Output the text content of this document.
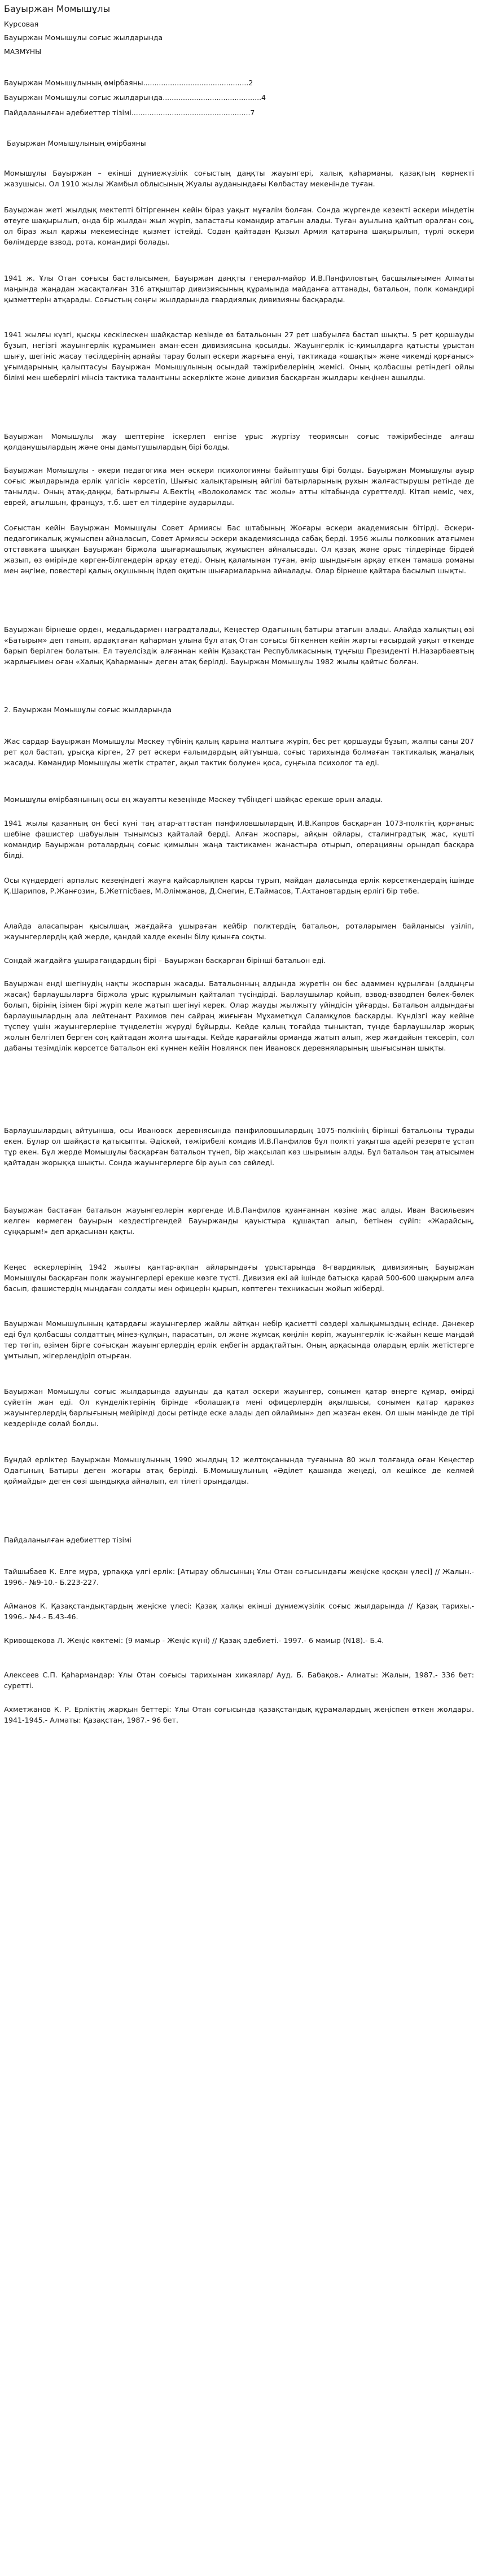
Бауыржан Момышұлы
Курсовая
Бауыржан Момышұлы соғыс жылдарында
МАЗМҰНЫ
Бауыржан Момышұлының өмірбаяны...............................................2
Бауыржан Момышұлы соғыс жылдарында............................................4
Пайдаланылған әдебиеттер тізімі.....................................................7
Бауыржан Момышұлының өмірбаяны
Момышұлы Бауыржан – екінші дүниежүзілік соғыстың даңқты жауынгері, халық қаһарманы, қазақтың көрнекті жазушысы. Ол 1910 жылы Жамбыл облысының Жуалы ауданындағы Көлбастау мекенінде туған.
Бауыржан жеті жылдық мектепті бітіргеннен кейін біраз уақыт мұғалім болған. Сонда жүргенде кезекті әскери міндетін өтеуге шақырылып, онда бір жылдан жыл жүріп, запастағы командир атағын алады. Туған ауылына қайтып оралған соң, ол біраз жыл қаржы мекемесінде қызмет істейді. Содан қайтадан Қызыл Армия қатарына шақырылып, түрлі әскери бөлімдерде взвод, рота, командирі болады.
1941 ж. Ұлы Отан соғысы басталысымен, Бауыржан даңқты генерал-майор И.В.Панфиловтың басшылығымен Алматы маңында жаңадан жасақталған 316 атқыштар дивизиясының құрамында майданға аттанады, батальон, полк командирі қызметтерін атқарады. Соғыстың соңғы жылдарында гвардиялық дивизияны басқарады.
1941 жылғы күзгі, қысқы кескілескен шайқастар кезінде өз батальонын 27 рет шабуылға бастап шықты. 5 рет қоршауды бұзып, негізгі жауынгерлік құрамымен аман-есен дивизиясына қосылды. Жауынгерлік іс-қимылдарға қатысты ұрыстан шығу, шегініс жасау тәсілдерінің арнайы тарау болып әскери жарғыға енуі, тактикада «ошақты» және «икемді қорғаныс» ұғымдарының қалыптасуы Бауыржан Момышұлының осындай тәжірибелерінің жемісі. Оның қолбасшы ретіндегі ойлы білімі мен шеберлігі мінсіз тактика талантыны әскерлікте және дивизия басқарған жылдары кеңінен ашылды.
Бауыржан Момышұлы жау шептеріне іскерлеп енгізе ұрыс жүргізу теориясын соғыс тәжірибесінде алғаш қолданушылардың және оны дамытушылардың бірі болды.
Бауыржан Момышұлы - әкери педагогика мен әскери психологияны байыптушы бірі болды. Бауыржан Момышұлы ауыр соғыс жылдарында ерлік үлгісін көрсетіп, Шығыс халықтарының әйгілі батырларының рухын жалғастырушы ретінде де танылды. Оның атақ-даңқы, батырлығы А.Бектің «Волоколамск тас жолы» атты кітабында суреттелді. Кітап неміс, чех, еврей, ағылшын, француз, т.б. шет ел тілдеріне аударылды.
Соғыстан кейін Бауыржан Момышұлы Совет Армиясы Бас штабының Жоғары әскери академиясын бітірді. Әскери-педагогикалық жұмыспен айналасып, Совет Армиясы әскери академиясында сабақ берді. 1956 жылы полковник атағымен отставкаға шыққан Бауыржан біржола шығармашылық жұмыспен айналысады. Ол қазақ және орыс тілдерінде бірдей жазып, өз өмірінде көрген-білгендерін арқау етеді. Оның қаламынан туған, әмір шындығын арқау еткен тамаша романы мен әңгіме, повестері қалың оқушының іздеп оқитын шығармаларына айналады. Олар бірнеше қайтара басылып шықты.
Бауыржан бірнеше орден, медальдармен наградталады, Кеңестер Одағының батыры атағын алады. Алайда халықтың өзі «Батырым» деп танып, ардақтаған қаһарман ұлына бұл атақ Отан соғысы біткеннен кейін жарты ғасырдай уақыт өткенде барып берілген болатын. Ел тәуелсіздік алғаннан кейін Қазақстан Республикасының тұңғыш Президенті Н.Назарбаевтың жарлығымен оған «Халық Қаһарманы» деген атақ берілді. Бауыржан Момышұлы 1982 жылы қайтыс болған.
2. Бауыржан Момышұлы соғыс жылдарында
Жас сардар Бауыржан Момышұлы Мәскеу түбінің қалың қарына малтыға жүріп, бес рет қоршауды бұзып, жалпы саны 207 рет қол бастап, ұрысқа кірген, 27 рет әскери ғалымдардың айтуынша, соғыс тарихында болмаған тактикалық жаңалық жасады. Көмандир Момышұлы жетік стратег, ақыл тактик болумен қоса, суңғыла психолог та еді.
Момышұлы өмірбаянының осы ең жауапты кезеңінде Мәскеу түбіндегі шайқас ерекше орын алады.
1941 жылы қазанның он бесі күні таң атар-аттастан панфиловшылардың И.В.Капров басқарған 1073-полктің қорғаныс шебіне фашистер шабуылын тынымсыз қайталай берді. Алған жоспары, айқын ойлары, сталинградтық жас, күшті командир Бауыржан роталардың соғыс қимылын жаңа тактикамен жанастыра отырып, операцияны орындап басқара білді.
Осы күндердегі арпалыс кезеңіндегі жауға қайсарлықпен қарсы тұрып, майдан даласында ерлік көрсеткендердің ішінде Қ.Шарипов, Р.Жанғозин, Б.Жетпісбаев, М.Әлімжанов, Д.Снегин, Е.Таймасов, Т.Ахтановтардың ерлігі бір төбе.
Алайда аласапыран қысылшаң жағдайға ұшыраған кейбір полктердің батальон, роталарымен байланысы үзіліп, жауынгерлердің қай жерде, қандай халде екенін білу қиынға соқты.
Сондай жағдайға ұшырағандардың бірі – Бауыржан басқарған бірінші батальон еді.
Бауыржан енді шегінудің нақты жоспарын жасады. Батальонның алдында жүретін он бес адаммен құрылған (алдыңғы жасақ) барлаушыларға біржола ұрыс құрылымын қайталап түсіндірді. Барлаушылар қойып, взвод-взводпен бөлек-бөлек болып, бірінің ізімен бірі жүріп келе жатып шегінуі керек. Олар жауды жылжыту үйіндісін ұйғарды. Батальон алдындағы барлаушылардың ала лейтенант Рахимов пен сайраң жиғыған Мұхаметқұл Саламқұлов басқарды. Күндізгі жау кейіне түспеу үшін жауынгерлеріне түнделетін жүруді бұйырды. Кейде қалың тоғайда тынықтап, түнде барлаушылар жорық жолын белгілеп берген соң қайтадан жолға шығады. Кейде қарағайлы орманда жатып алып, жер жағдайын тексеріп, сол дабаны тезімділік көрсетсе батальон екі күннен кейін Новлянск пен Ивановск деревняларының шығысынан шықты.
Барлаушылардың айтуынша, осы Ивановск деревнясында панфиловшылардың 1075-полкінің бірінші батальоны тұрады екен. Бұлар ол шайқаста қатысыпты. Әдіскөй, тәжірибелі комдив И.В.Панфилов бұл полкті уақытша адейі резервте ұстап тұр екен. Бұл жерде Момышұлы басқарған батальон түнеп, бір жақсылап көз шырымын алды. Бұл батальон таң атысымен қайтадан жорыққа шықты. Сонда жауынгерлерге бір ауыз сөз сөйледі.
Бауыржан бастаған батальон жауынгерлерін көргенде И.В.Панфилов қуанғаннан көзіне жас алды. Иван Васильевич келген көрмеген бауырын кездестіргендей Бауыржанды қауыстыра құшақтап алып, бетінен сүйіп: «Жарайсың, сұңқарым!» деп арқасынан қақты.
Кеңес әскерлерінің 1942 жылғы қантар-ақпан айларындағы ұрыстарында 8-гвардиялық дивизияның Бауыржан Момышұлы басқарған полк жауынгерлері ерекше көзге түсті. Дивизия екі ай ішінде батысқа қарай 500-600 шақырым алға басып, фашистердің мыңдаған солдаты мен офицерін қырып, көптеген техникасын жойып жіберді.
Бауыржан Момышұлының қатардағы жауынгерлер жайлы айтқан небір қасиетті сөздері халықымыздың есінде. Дәнекер еді бұл қолбасшы солдаттың мінез-құлқын, парасатын, ол және жұмсақ көңілін көріп, жауынгерлік іс-жайын кеше маңдай тер төгіп, өзімен бірге соғысқан жауынгерлердің ерлік еңбегін ардақтайтын. Оның арқасында олардың ерлік жетістерге ұмтылып, жігерлендіріп отырған.
Бауыржан Момышұлы соғыс жылдарында адуынды да қатал әскери жауынгер, сонымен қатар өнерге құмар, өмірді сүйетін жан еді. Ол күнделіктерінің бірінде «болашақта мені офицерлердің ақылшысы, сонымен қатар қаракөз жауынгерлердің барлығының мейірімді досы ретінде еске алады деп ойлаймын» деп жазған екен. Ол шын мәнінде де тірі кездерінде солай болды.
Бұндай ерліктер Бауыржан Момышұлының 1990 жылдың 12 желтоқсанында туғанына 80 жыл толғанда оған Кеңестер Одағының Батыры деген жоғары атақ берілді. Б.Момышұлының «Әділет қашанда жеңеді, ол кешіксе де келмей қоймайды» деген сөзі шындыққа айналып, ел тілегі орындалды.
Пайдаланылған әдебиеттер тізімі
Тайшыбаев К. Елге мұра, ұрпаққа үлгі ерлік: [Атырау облысының Ұлы Отан соғысындағы жеңіске қосқан үлесі] // Жалын.- 1996.- №9-10.- Б.223-227.
Айманов К. Қазақстандықтардың жеңіске үлесі: Қазақ халқы екінші дүниежүзілік соғыс жылдарында // Қазақ тарихы.- 1996.- №4.- Б.43-46.
Кривощекова Л. Жеңіс көктемі: (9 мамыр - Жеңіс күні) // Қазақ әдебиеті.- 1997.- 6 мамыр (N18).- Б.4.
Алексеев С.П. Қаһармандар: Ұлы Отан соғысы тарихынан хикаялар/ Ауд. Б. Бабақов.- Алматы: Жалын, 1987.- 336 бет: суретті.
Ахметжанов К. Р. Ерліктің жарқын беттері: Ұлы Отан соғысында қазақстандық құрамалардың жеңіспен өткен жолдары. 1941-1945.- Алматы: Қазақстан, 1987.- 96 бет.
